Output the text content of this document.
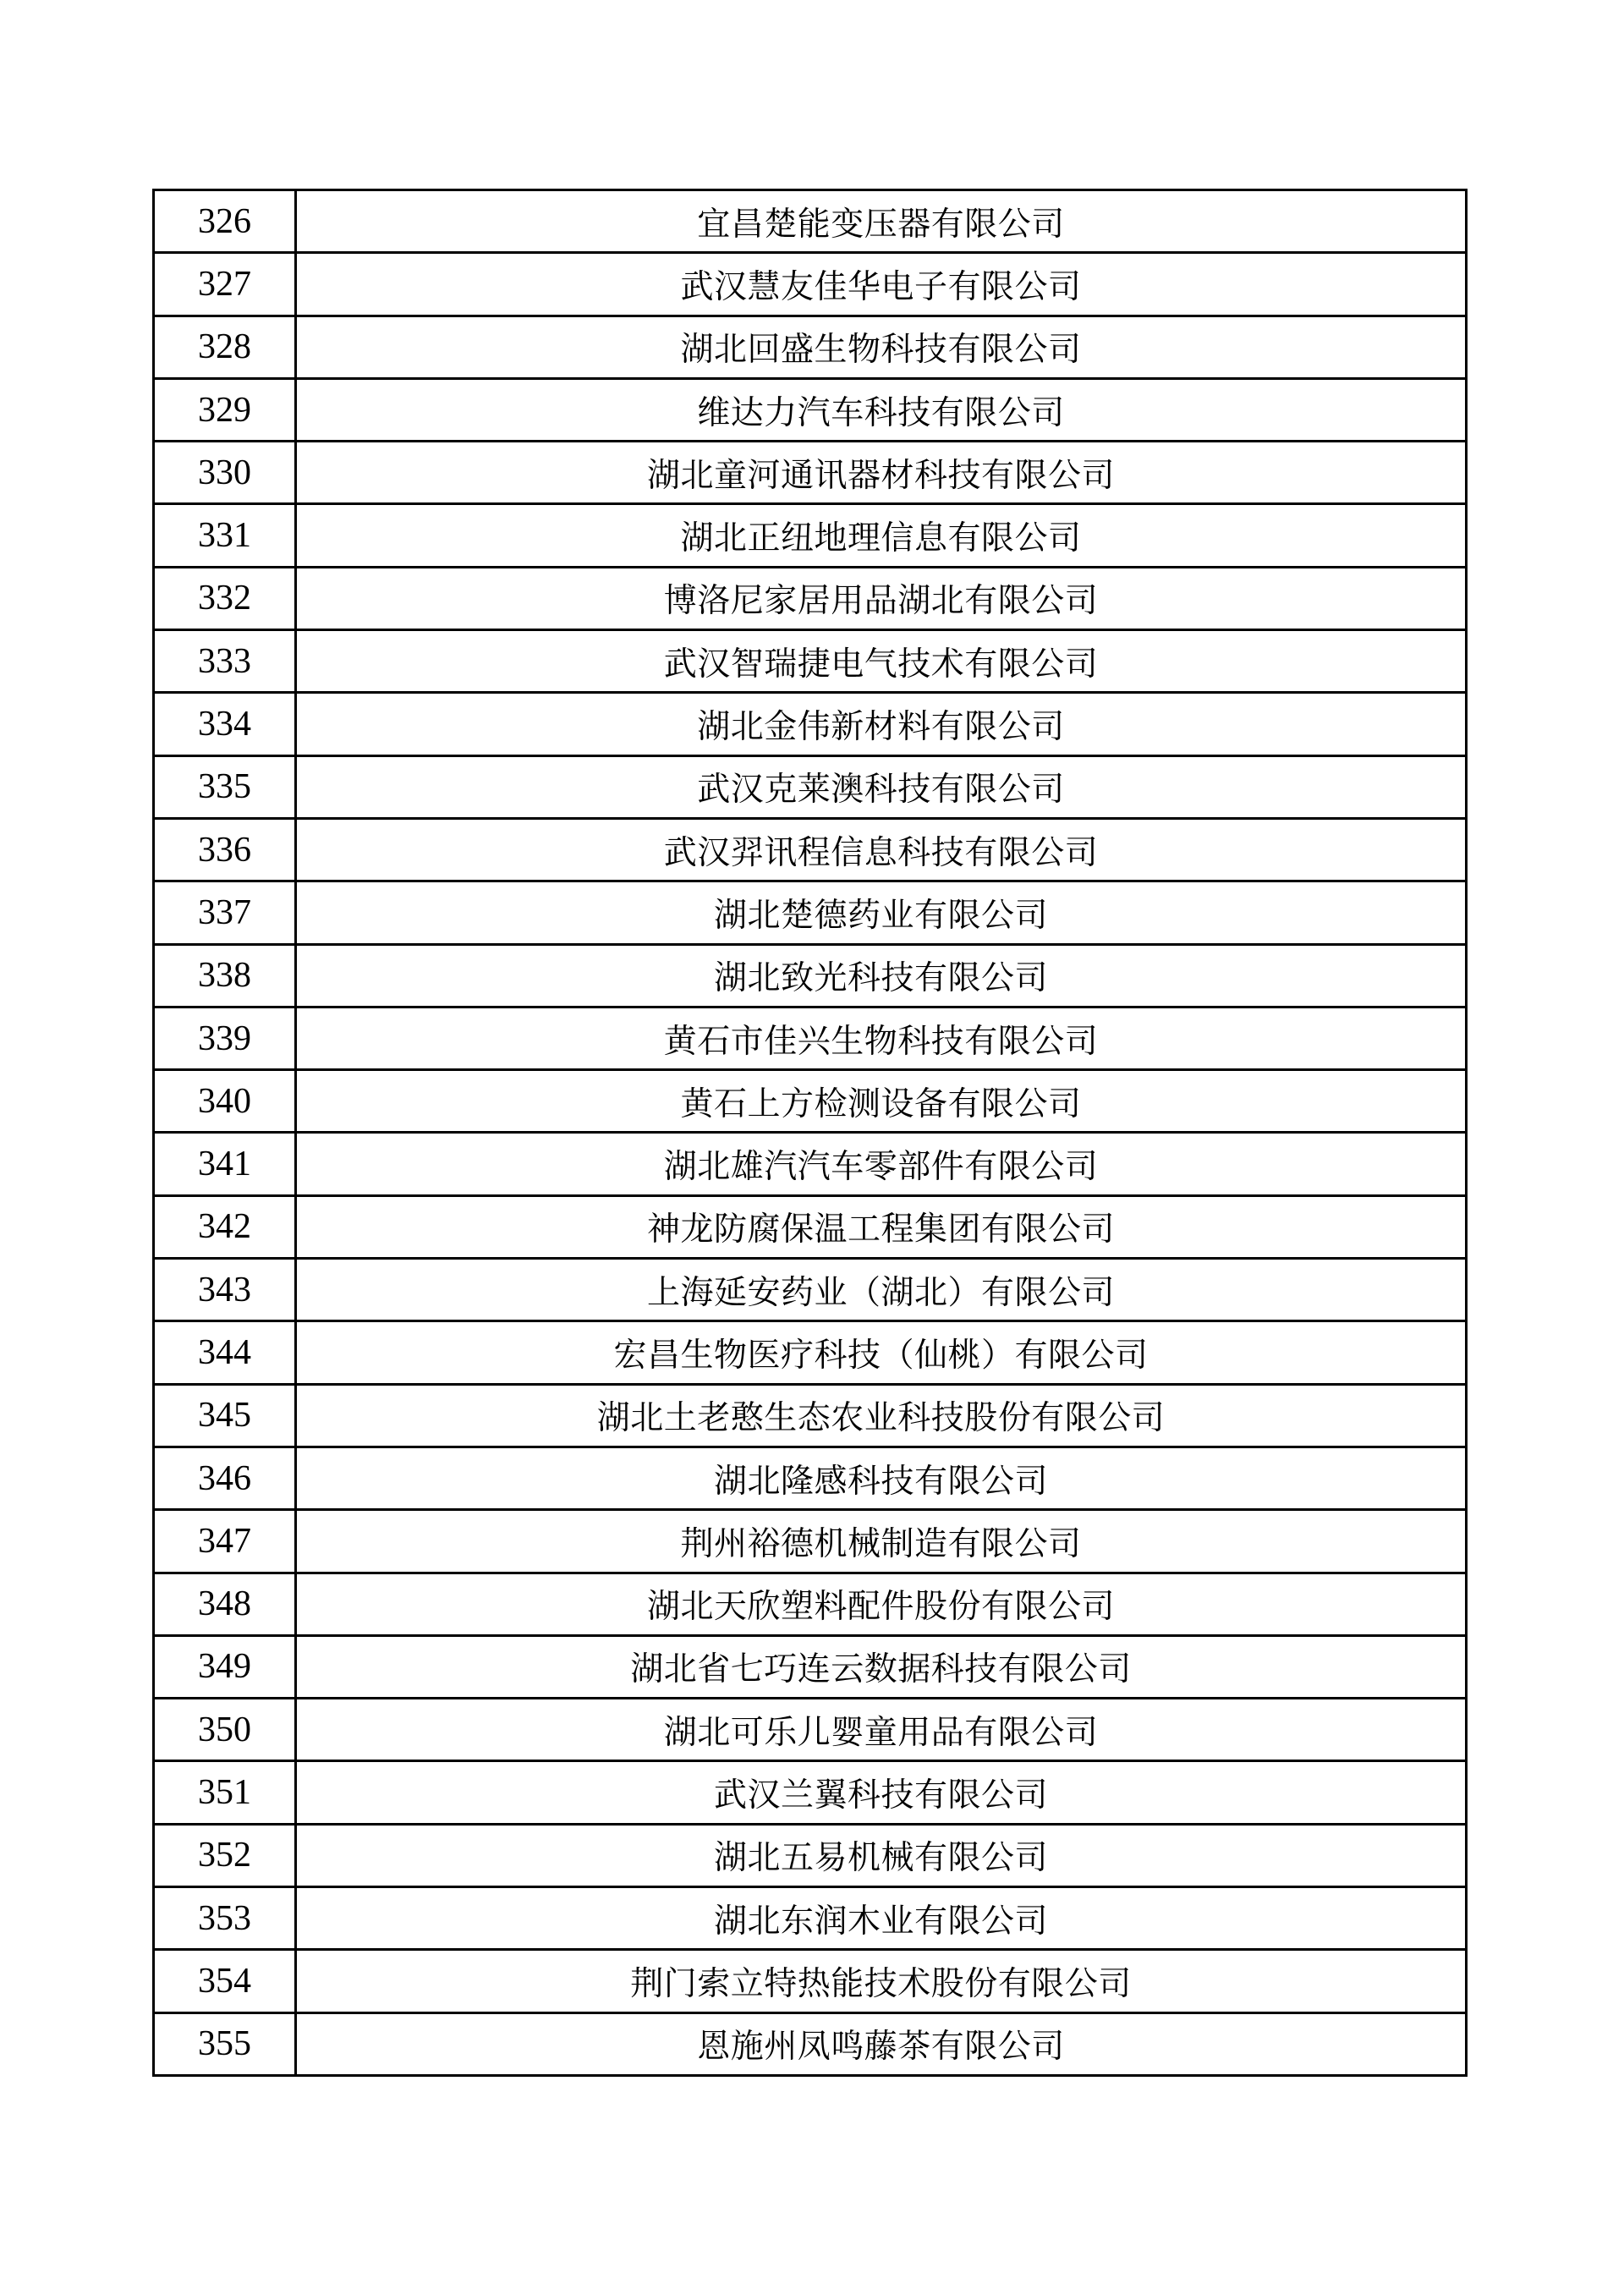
326	宜昌楚能变压器有限公司
327	武汉慧友佳华电子有限公司
328	湖北回盛生物科技有限公司
329	维达力汽车科技有限公司
330	湖北童河通讯器材科技有限公司
331	湖北正纽地理信息有限公司
332	博洛尼家居用品湖北有限公司
333	武汉智瑞捷电气技术有限公司
334	湖北金伟新材料有限公司
335	武汉克莱澳科技有限公司
336	武汉羿讯程信息科技有限公司
337	湖北楚德药业有限公司
338	湖北致光科技有限公司
339	黄石市佳兴生物科技有限公司
340	黄石上方检测设备有限公司
341	湖北雄汽汽车零部件有限公司
342	神龙防腐保温工程集团有限公司
343	上海延安药业（湖北）有限公司
344	宏昌生物医疗科技（仙桃）有限公司
345	湖北土老憨生态农业科技股份有限公司
346	湖北隆感科技有限公司
347	荆州裕德机械制造有限公司
348	湖北天欣塑料配件股份有限公司
349	湖北省七巧连云数据科技有限公司
350	湖北可乐儿婴童用品有限公司
351	武汉兰翼科技有限公司
352	湖北五易机械有限公司
353	湖北东润木业有限公司
354	荆门索立特热能技术股份有限公司
355	恩施州凤鸣藤茶有限公司
